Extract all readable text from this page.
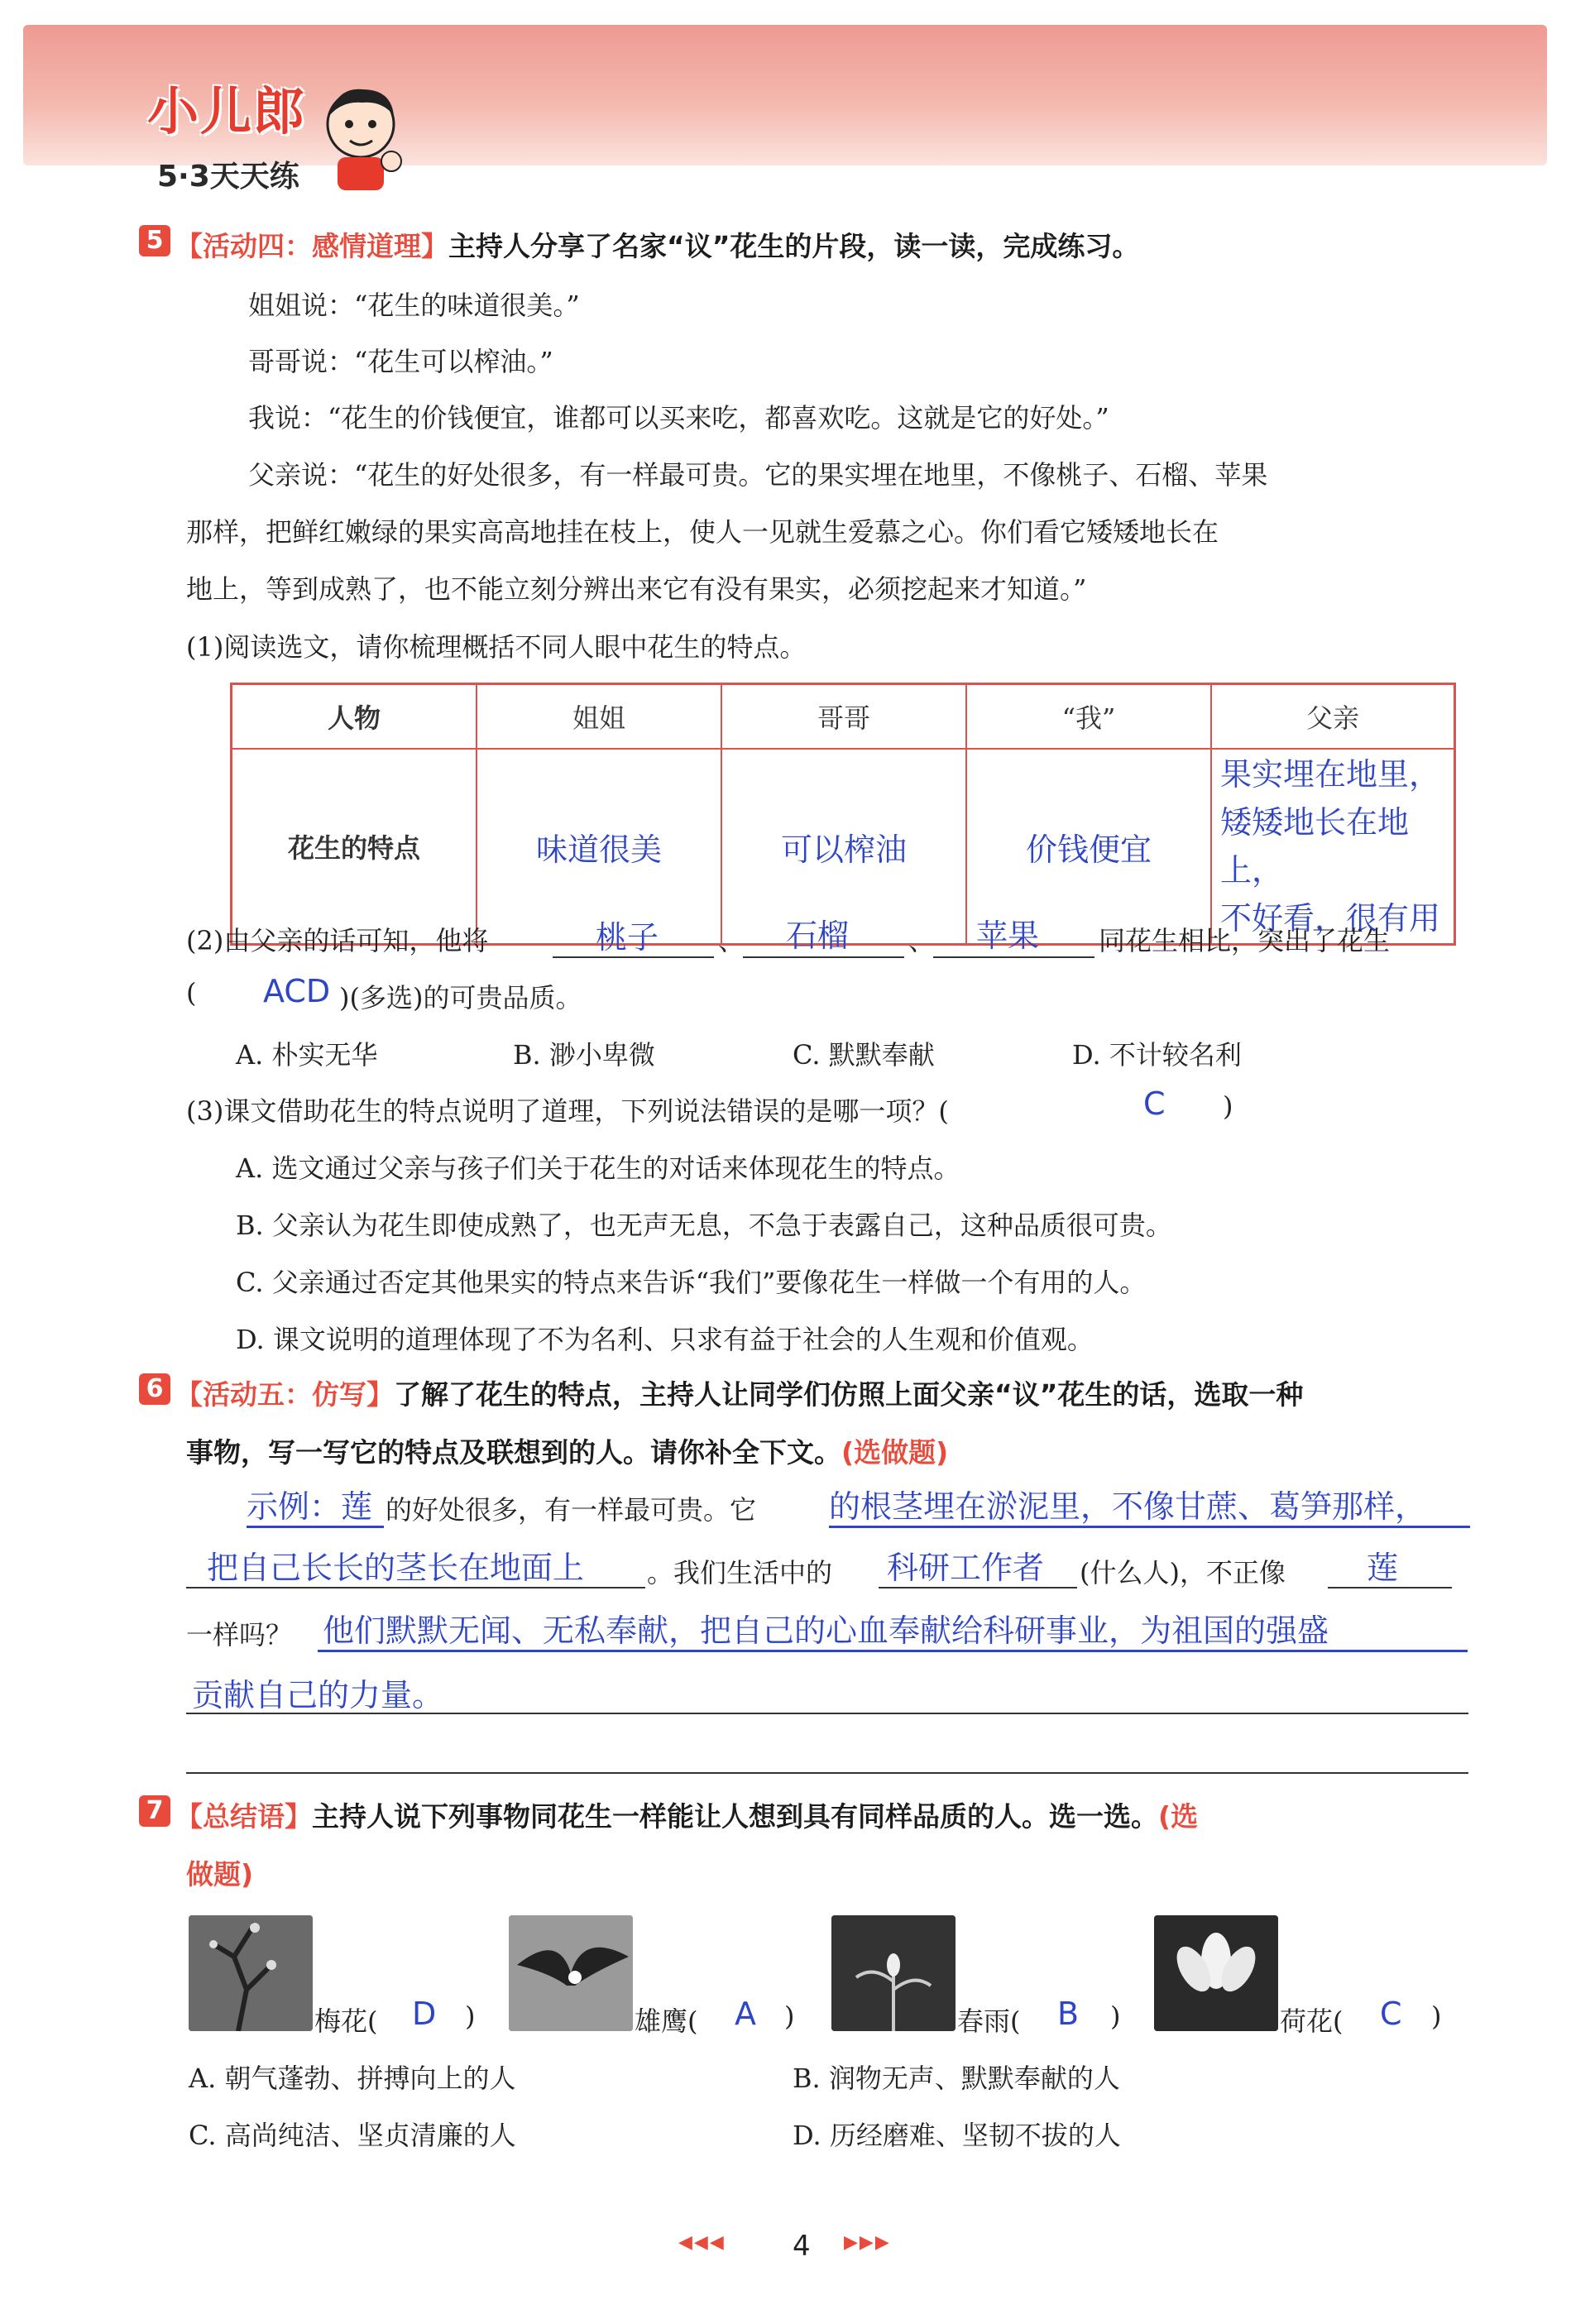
小儿郎
5·3天天练
5 【活动四：感情道理】主持人分享了名家“议”花生的片段，读一读，完成练习。
姐姐说：“花生的味道很美。”
哥哥说：“花生可以榨油。”
我说：“花生的价钱便宜，谁都可以买来吃，都喜欢吃。这就是它的好处。”
父亲说：“花生的好处很多，有一样最可贵。它的果实埋在地里，不像桃子、石榴、苹果
那样，把鲜红嫩绿的果实高高地挂在枝上，使人一见就生爱慕之心。你们看它矮矮地长在
地上，等到成熟了，也不能立刻分辨出来它有没有果实，必须挖起来才知道。”
(1)阅读选文，请你梳理概括不同人眼中花生的特点。
人物	姐姐	哥哥	“我”	父亲
花生的特点	味道很美	可以榨油	价钱便宜	果实埋在地里，
矮矮地长在地上，
不好看，很有用
(2)由父亲的话可知，他将	桃子 、 石榴 、 苹果 同花生相比，突出了花生
( ACD )(多选)的可贵品质。
A. 朴实无华	B. 渺小卑微	C. 默默奉献	D. 不计较名利
(3)课文借助花生的特点说明了道理，下列说法错误的是哪一项？(	C )
A. 选文通过父亲与孩子们关于花生的对话来体现花生的特点。
B. 父亲认为花生即使成熟了，也无声无息，不急于表露自己，这种品质很可贵。
C. 父亲通过否定其他果实的特点来告诉“我们”要像花生一样做一个有用的人。
D. 课文说明的道理体现了不为名利、只求有益于社会的人生观和价值观。
6 【活动五：仿写】了解了花生的特点，主持人让同学们仿照上面父亲“议”花生的话，选取一种
事物，写一写它的特点及联想到的人。请你补全下文。(选做题)
示例：莲 的好处很多，有一样最可贵。它 的根茎埋在淤泥里，不像甘蔗、葛笋那样，
把自己长长的茎长在地面上 。我们生活中的 科研工作者 (什么人)，不正像	莲
一样吗？ 他们默默无闻、无私奉献，把自己的心血奉献给科研事业，为祖国的强盛
贡献自己的力量。
7 【总结语】主持人说下列事物同花生一样能让人想到具有同样品质的人。选一选。(选
做题)
梅花( D )	雄鹰( A )	春雨( B )	荷花( C )
A. 朝气蓬勃、拼搏向上的人	B. 润物无声、默默奉献的人
C. 高尚纯洁、坚贞清廉的人	D. 历经磨难、坚韧不拔的人
◀◀◀ 4 ▶▶▶
